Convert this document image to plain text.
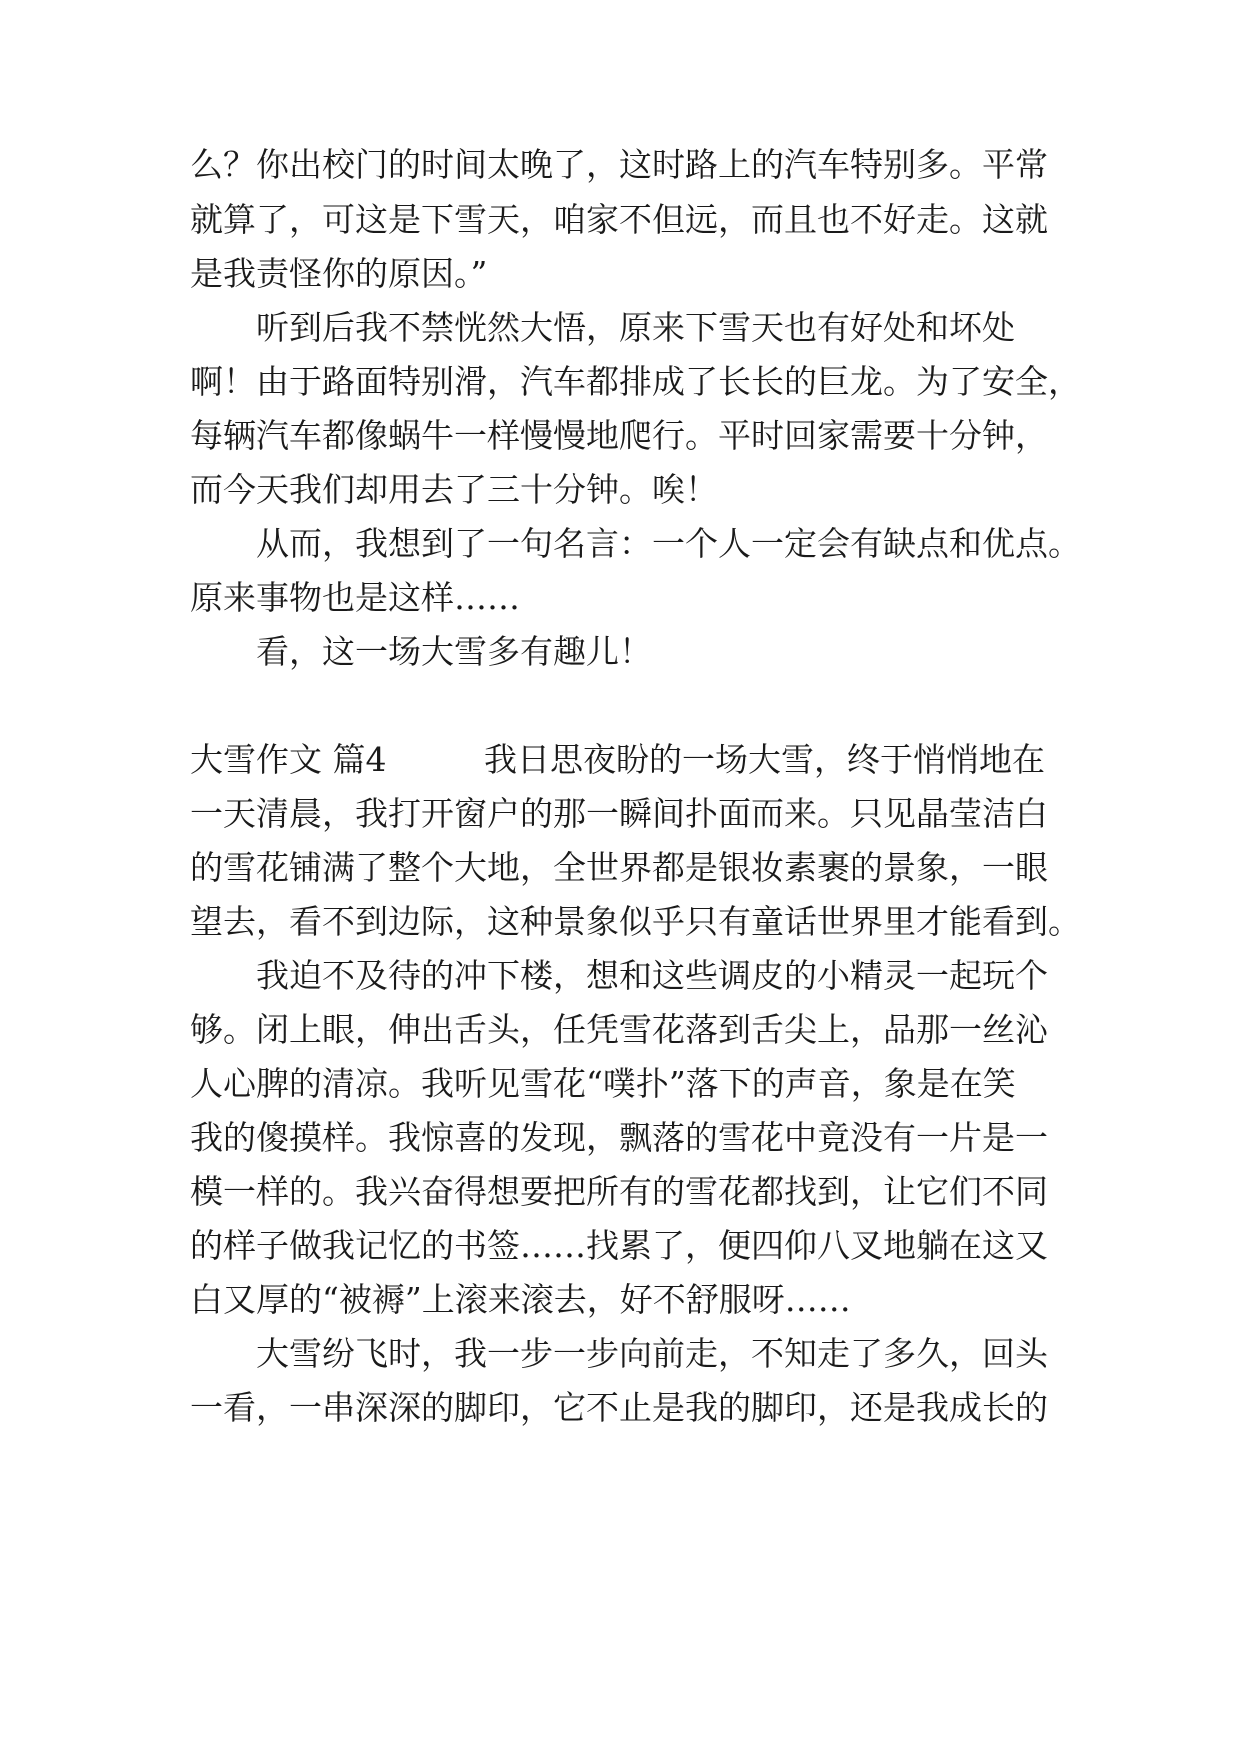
么？你出校门的时间太晚了，这时路上的汽车特别多。平常
就算了，可这是下雪天，咱家不但远，而且也不好走。这就
是我责怪你的原因。”
听到后我不禁恍然大悟，原来下雪天也有好处和坏处
啊！由于路面特别滑，汽车都排成了长长的巨龙。为了安全，
每辆汽车都像蜗牛一样慢慢地爬行。平时回家需要十分钟，
而今天我们却用去了三十分钟。唉！
从而，我想到了一句名言：一个人一定会有缺点和优点。
原来事物也是这样……
看，这一场大雪多有趣儿！
大雪作文 篇4	我日思夜盼的一场大雪，终于悄悄地在
一天清晨，我打开窗户的那一瞬间扑面而来。只见晶莹洁白
的雪花铺满了整个大地，全世界都是银妆素裹的景象，一眼
望去，看不到边际，这种景象似乎只有童话世界里才能看到。
我迫不及待的冲下楼，想和这些调皮的小精灵一起玩个
够。闭上眼，伸出舌头，任凭雪花落到舌尖上，品那一丝沁
人心脾的清凉。我听见雪花“噗扑”落下的声音，象是在笑
我的傻摸样。我惊喜的发现，飘落的雪花中竟没有一片是一
模一样的。我兴奋得想要把所有的雪花都找到，让它们不同
的样子做我记忆的书签……找累了，便四仰八叉地躺在这又
白又厚的“被褥”上滚来滚去，好不舒服呀……
大雪纷飞时，我一步一步向前走，不知走了多久，回头
一看，一串深深的脚印，它不止是我的脚印，还是我成长的
